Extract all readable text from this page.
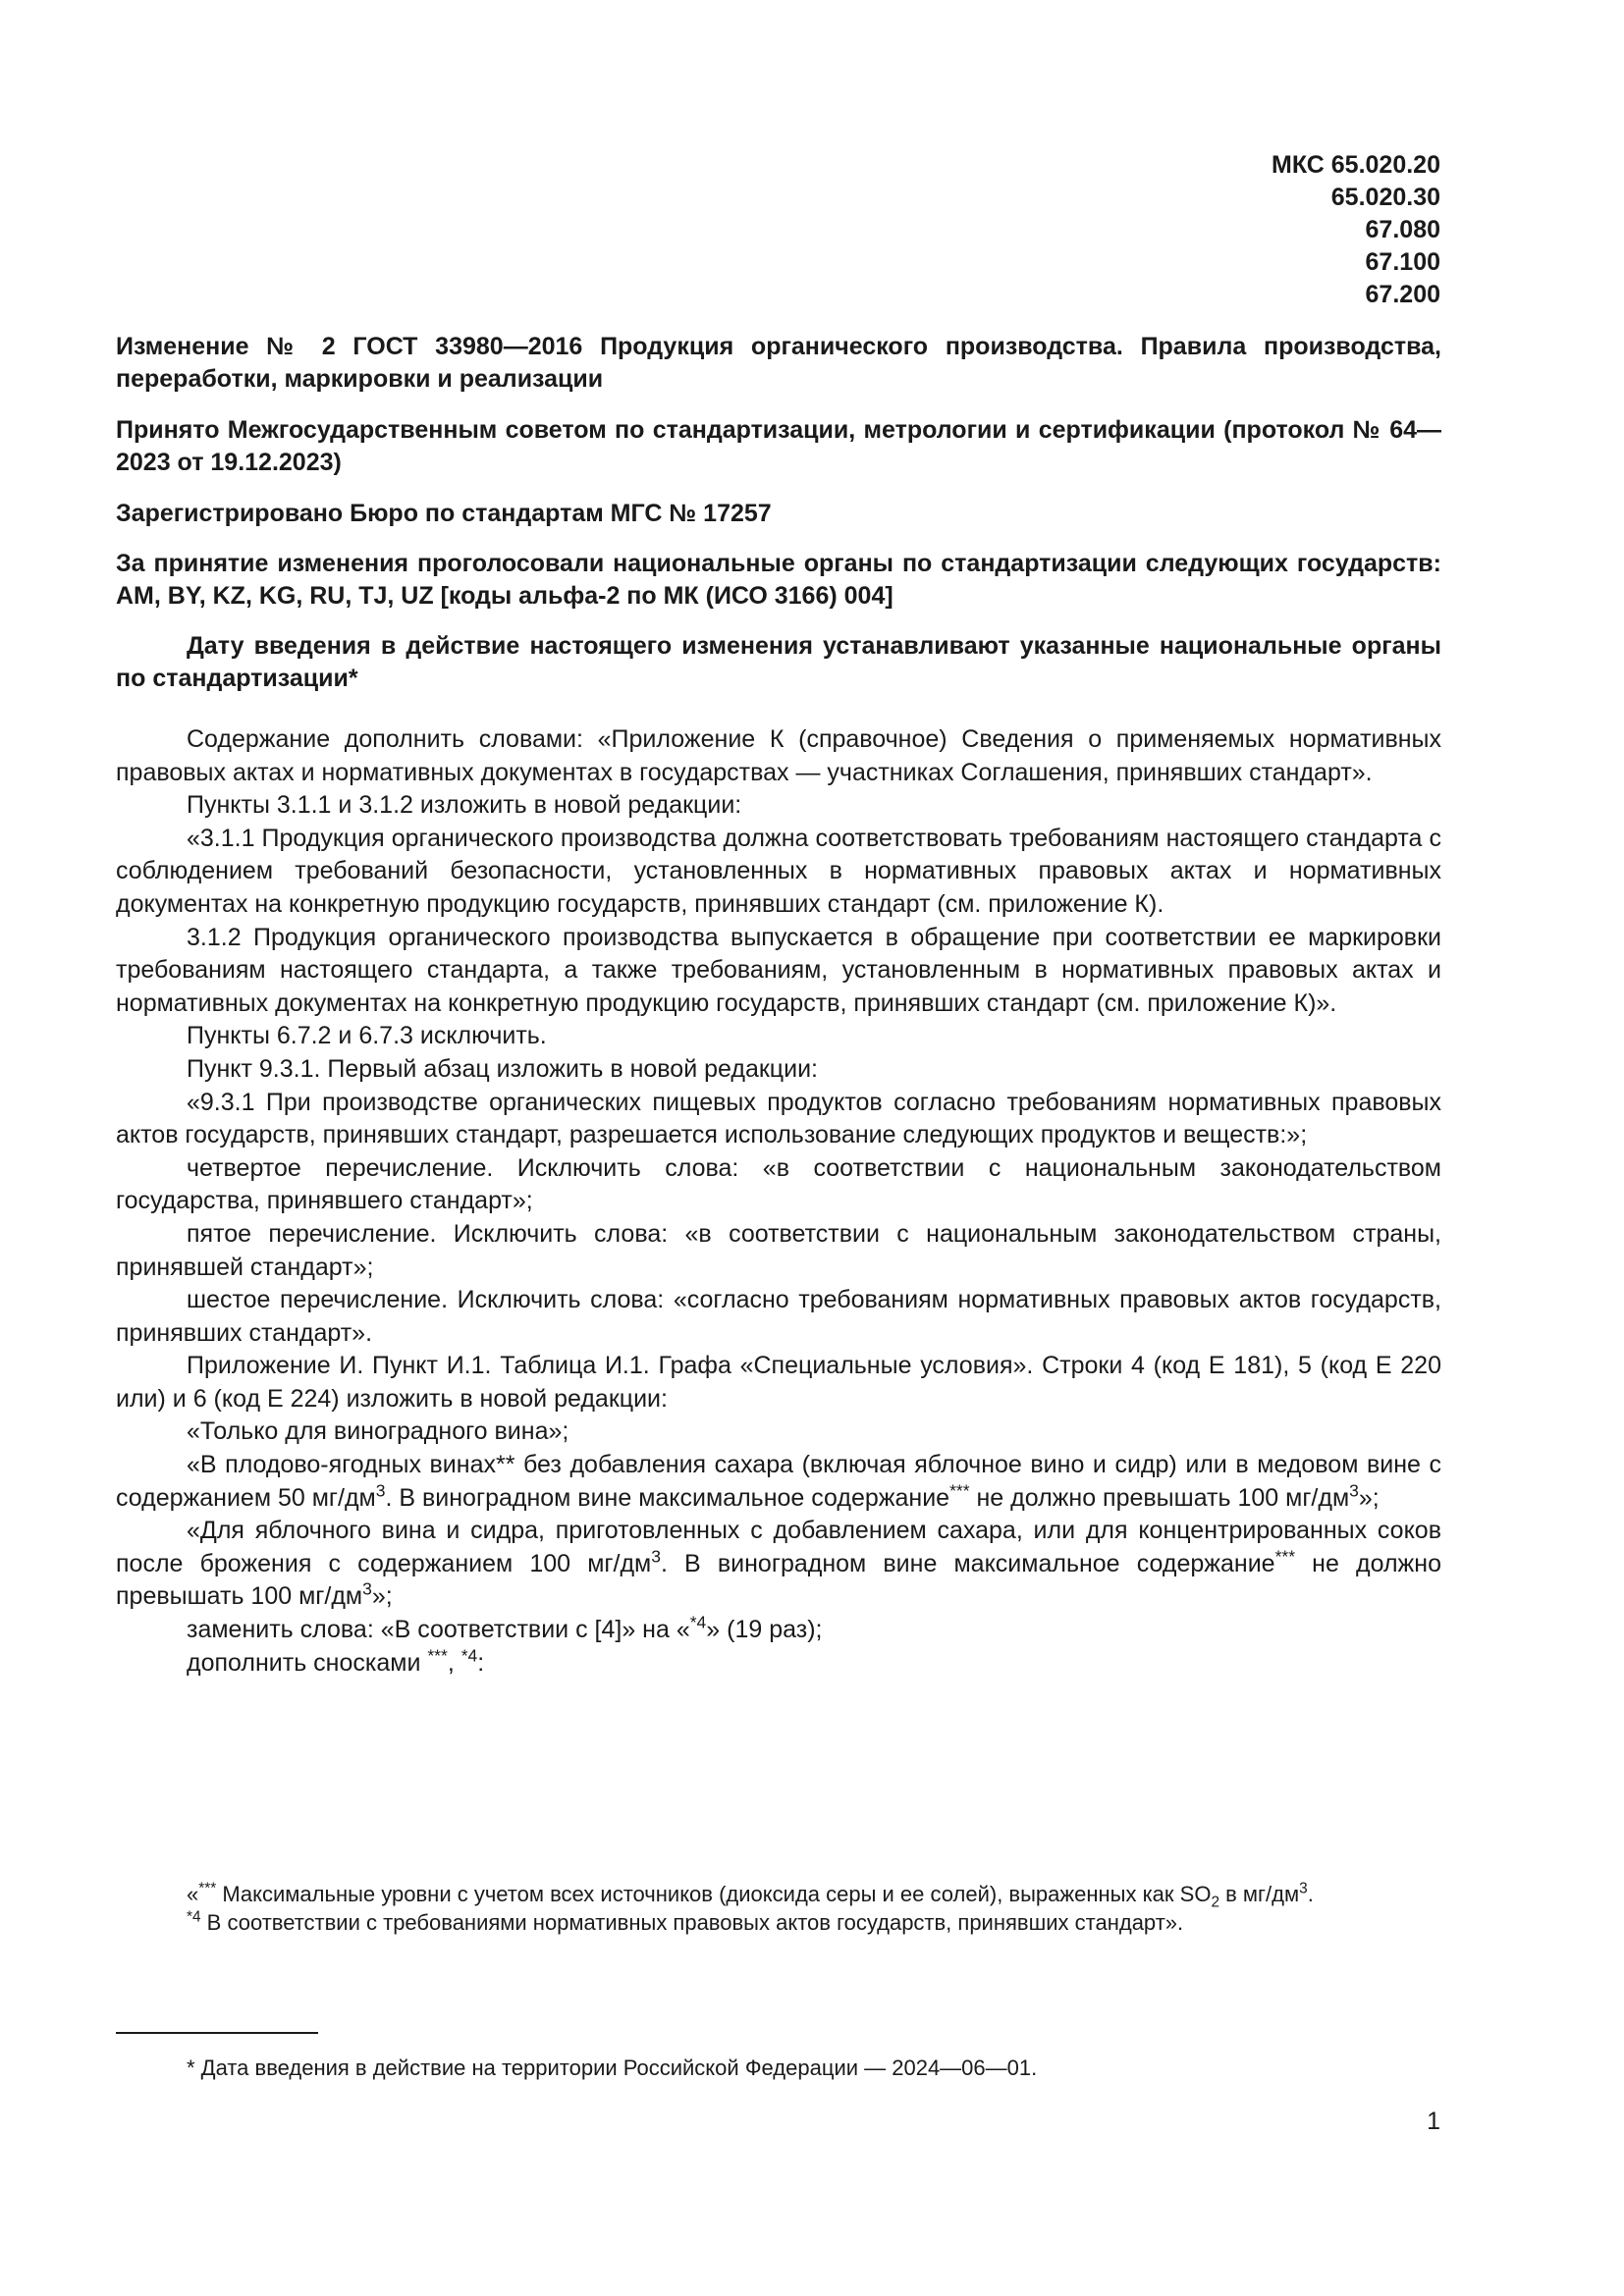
МКС 65.020.20
65.020.30
67.080
67.100
67.200

Изменение № 2 ГОСТ 33980—2016 Продукция органического производства. Правила производства, переработки, маркировки и реализации

Принято Межгосударственным советом по стандартизации, метрологии и сертификации (протокол № 64—2023 от 19.12.2023)

Зарегистрировано Бюро по стандартам МГС № 17257

За принятие изменения проголосовали национальные органы по стандартизации следующих государств: AM, BY, KZ, KG, RU, TJ, UZ [коды альфа-2 по МК (ИСО 3166) 004]

Дату введения в действие настоящего изменения устанавливают указанные национальные органы по стандартизации*

Содержание дополнить словами: «Приложение К (справочное) Сведения о применяемых нормативных правовых актах и нормативных документах в государствах — участниках Соглашения, принявших стандарт».

Пункты 3.1.1 и 3.1.2 изложить в новой редакции:

«3.1.1 Продукция органического производства должна соответствовать требованиям настоящего стандарта с соблюдением требований безопасности, установленных в нормативных правовых актах и нормативных документах на конкретную продукцию государств, принявших стандарт (см. приложение К).

3.1.2 Продукция органического производства выпускается в обращение при соответствии ее маркировки требованиям настоящего стандарта, а также требованиям, установленным в нормативных правовых актах и нормативных документах на конкретную продукцию государств, принявших стандарт (см. приложение К)».

Пункты 6.7.2 и 6.7.3 исключить.

Пункт 9.3.1. Первый абзац изложить в новой редакции:

«9.3.1 При производстве органических пищевых продуктов согласно требованиям нормативных правовых актов государств, принявших стандарт, разрешается использование следующих продуктов и веществ:»;

четвертое перечисление. Исключить слова: «в соответствии с национальным законодательством государства, принявшего стандарт»;

пятое перечисление. Исключить слова: «в соответствии с национальным законодательством страны, принявшей стандарт»;

шестое перечисление. Исключить слова: «согласно требованиям нормативных правовых актов государств, принявших стандарт».

Приложение И. Пункт И.1. Таблица И.1. Графа «Специальные условия». Строки 4 (код Е 181), 5 (код Е 220 или) и 6 (код Е 224) изложить в новой редакции:

«Только для виноградного вина»;

«В плодово-ягодных винах** без добавления сахара (включая яблочное вино и сидр) или в медовом вине с содержанием 50 $мг/дм^3$. В виноградном вине максимальное содержание*** не должно превышать 100 $мг/дм^3$»;

«Для яблочного вина и сидра, приготовленных с добавлением сахара, или для концентрированных соков после брожения с содержанием 100 $мг/дм^3$. В виноградном вине максимальное содержание*** не должно превышать 100 $мг/дм^3$»;

заменить слова: «В соответствии с [4]» на «$^{*4}$» (19 раз);

дополнить сносками ***, $^{*4}$:

«*** Максимальные уровни с учетом всех источников (диоксида серы и ее солей), выраженных как $SO_2$ в $мг/дм^3$.

$^{*4}$ В соответствии с требованиями нормативных правовых актов государств, принявших стандарт».

* Дата введения в действие на территории Российской Федерации — 2024—06—01.
1
